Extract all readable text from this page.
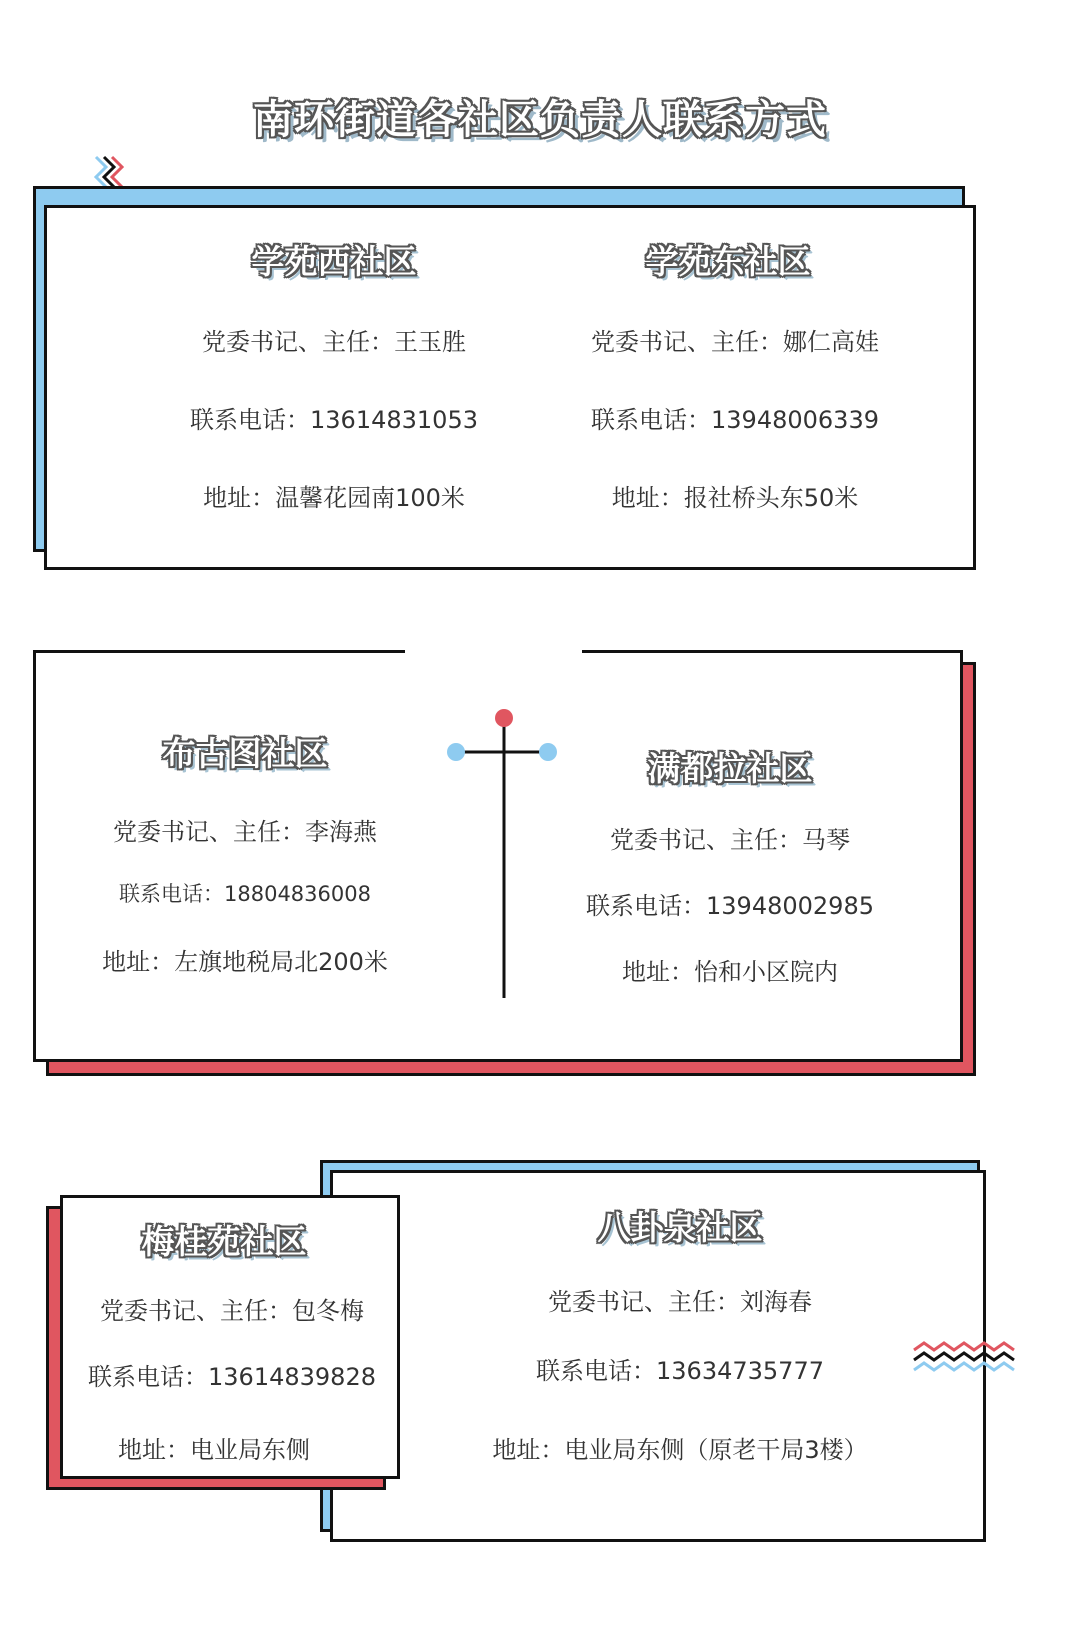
南环街道各社区负责人联系方式
学苑西社区
党委书记、主任：王玉胜
联系电话：13614831053
地址：温馨花园南100米
学苑东社区
党委书记、主任：娜仁高娃
联系电话：13948006339
地址：报社桥头东50米
布古图社区
党委书记、主任：李海燕
联系电话：18804836008
地址：左旗地税局北200米
满都拉社区
党委书记、主任：马琴
联系电话：13948002985
地址：怡和小区院内
梅桂苑社区
党委书记、主任：包冬梅
联系电话：13614839828
地址：电业局东侧
八卦泉社区
党委书记、主任：刘海春
联系电话：13634735777
地址：电业局东侧（原老干局3楼）
